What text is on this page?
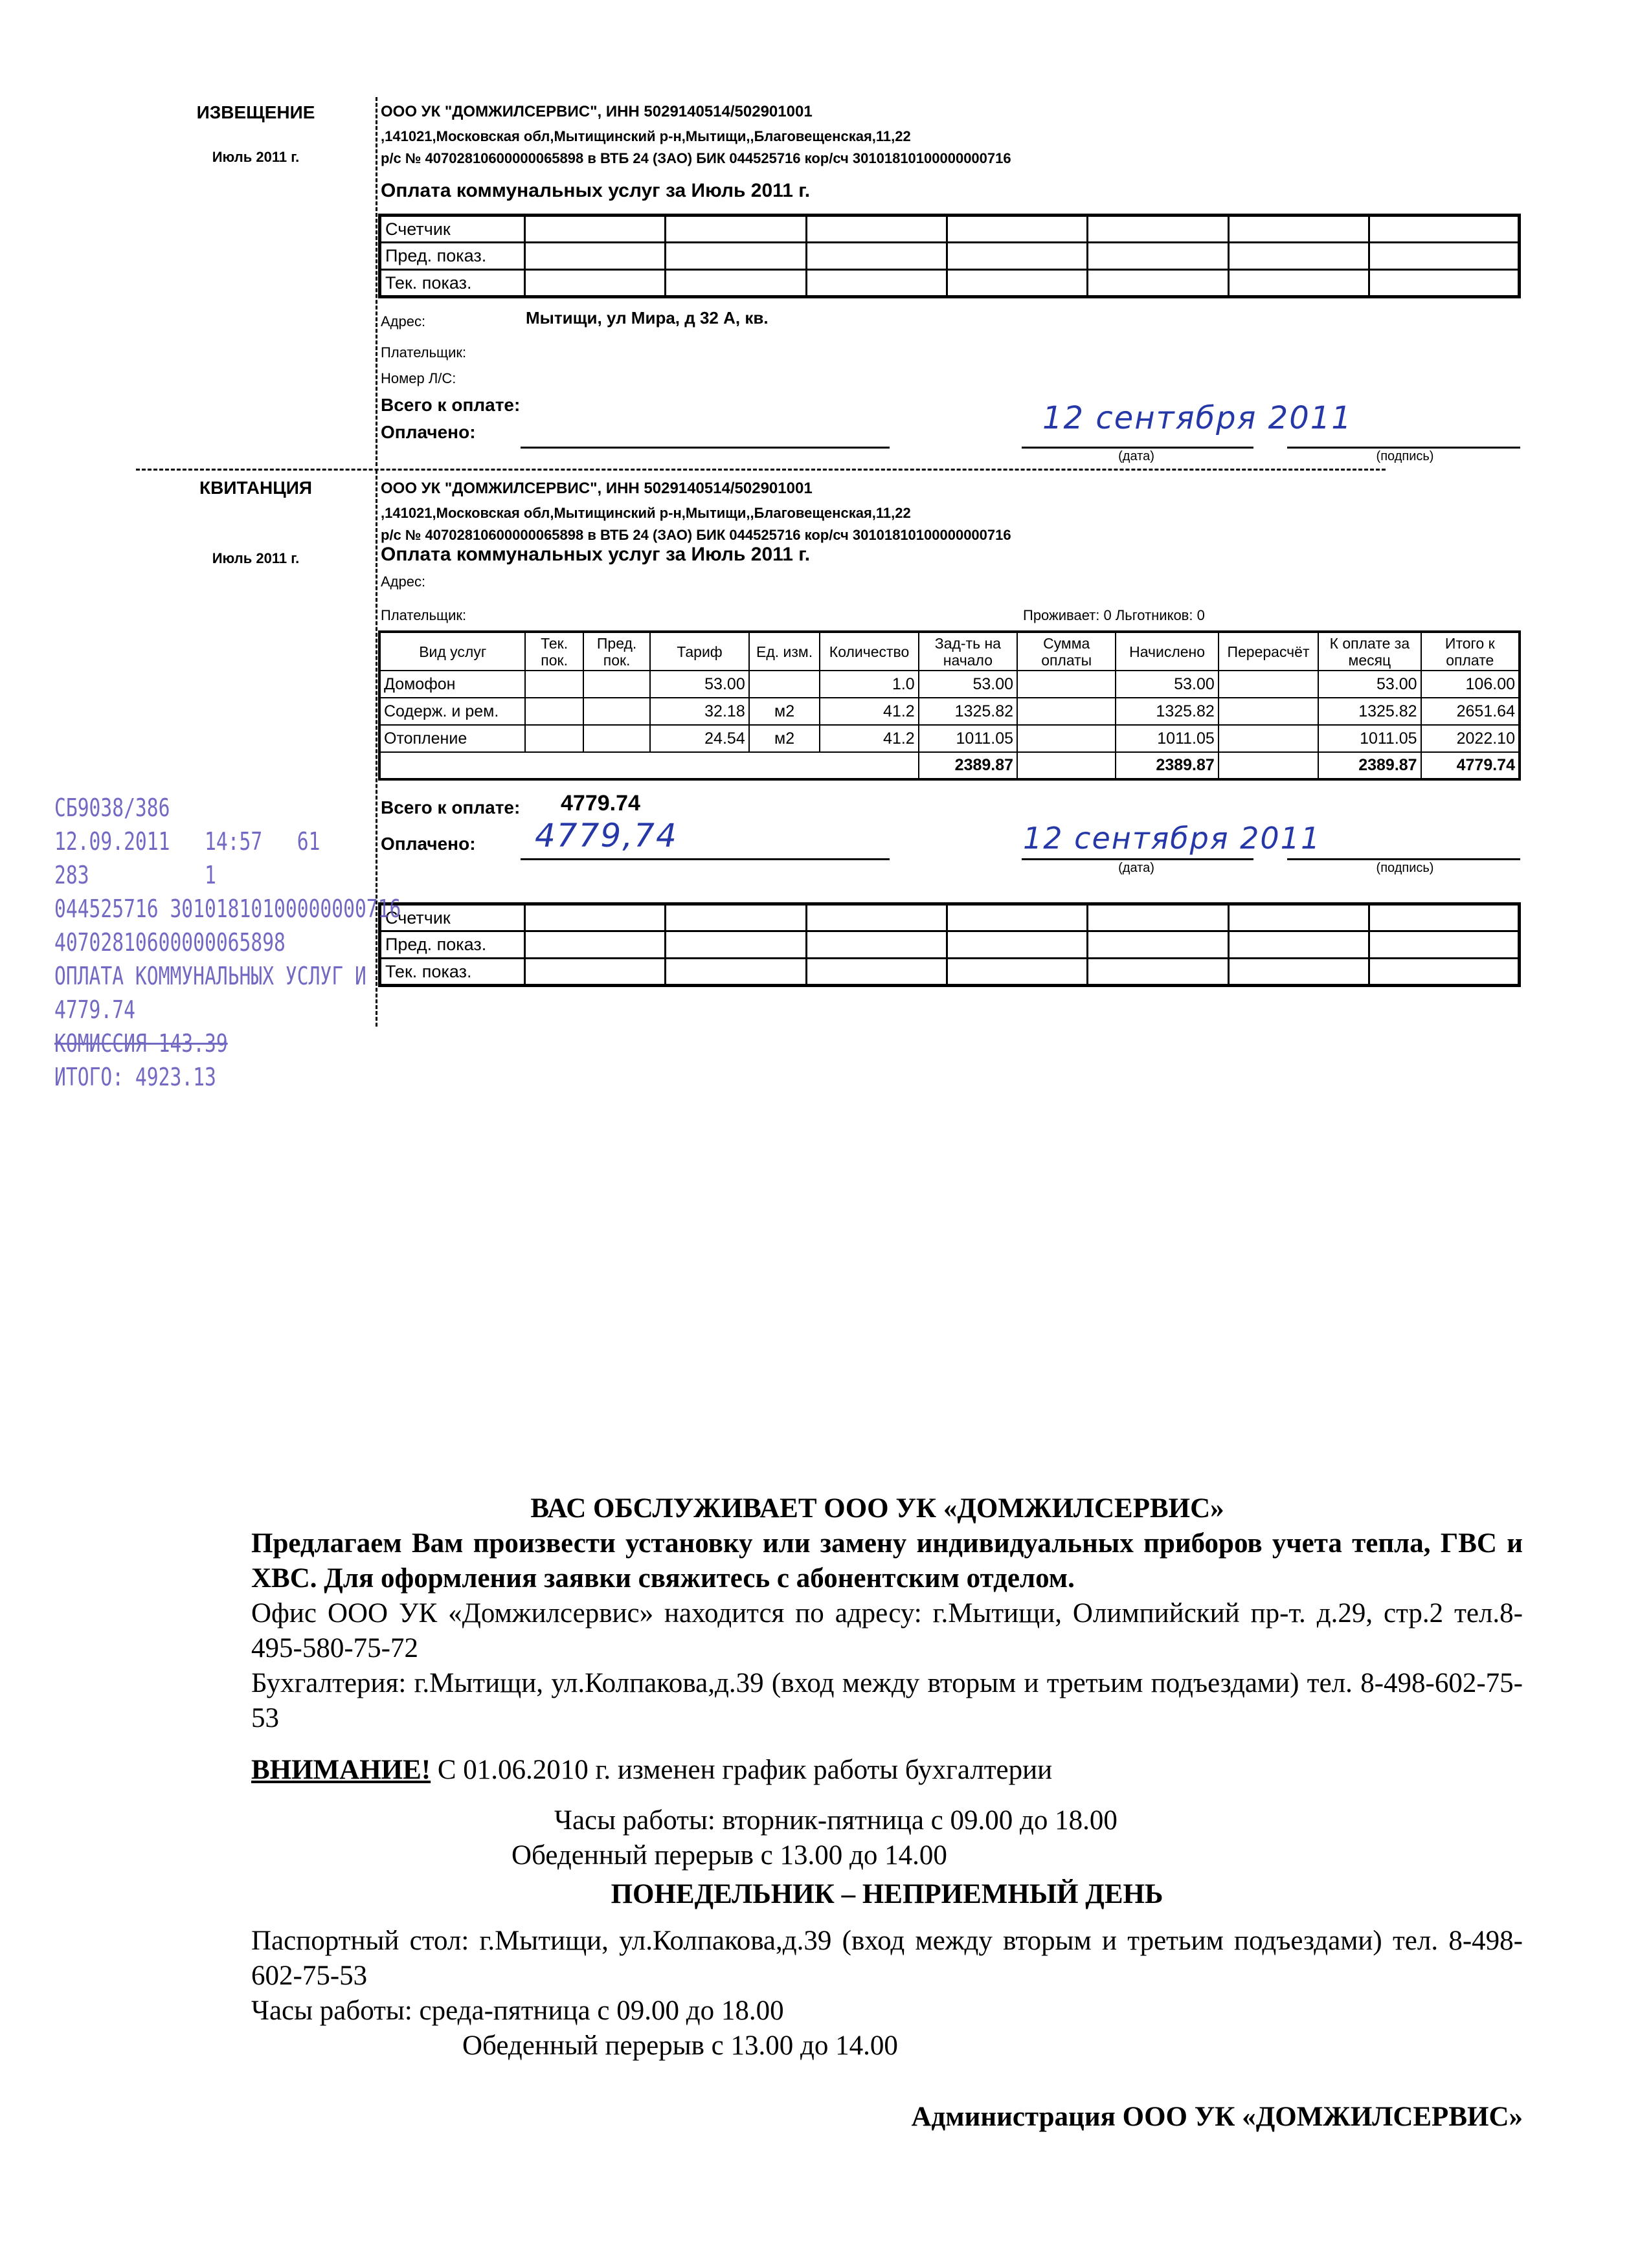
ИЗВЕЩЕНИЕ
Июль 2011 г.
ООО УК "ДОМЖИЛСЕРВИС", ИНН 5029140514/502901001
,141021,Московская обл,Мытищинский р-н,Мытищи,,Благовещенская,11,22
р/с № 40702810600000065898 в ВТБ 24 (ЗАО) БИК 044525716 кор/сч 30101810100000000716
Оплата коммунальных услуг за Июль 2011 г.
Счетчик							
Пред. показ.							
Тек. показ.							
Адрес:	Мытищи, ул Мира, д 32 А, кв.
Плательщик:
Номер Л/С:
Всего к оплате:
Оплачено:
(дата)	(подпись)
12 сентября 2011
КВИТАНЦИЯ
Июль 2011 г.
ООО УК "ДОМЖИЛСЕРВИС", ИНН 5029140514/502901001
,141021,Московская обл,Мытищинский р-н,Мытищи,,Благовещенская,11,22
р/с № 40702810600000065898 в ВТБ 24 (ЗАО) БИК 044525716 кор/сч 30101810100000000716
Оплата коммунальных услуг за Июль 2011 г.
Адрес:
Плательщик:	Проживает: 0 Льготников: 0
Вид услуг	Тек. пок.	Пред. пок.	Тариф	Ед. изм.	Количество	Зад-ть на начало	Сумма оплаты	Начислено	Перерасчёт	К оплате за месяц	Итого к оплате
Домофон			53.00		1.0	53.00		53.00		53.00	106.00
Содерж. и рем.			32.18	м2	41.2	1325.82		1325.82		1325.82	2651.64
Отопление			24.54	м2	41.2	1011.05		1011.05		1011.05	2022.10
						2389.87		2389.87		2389.87	4779.74
Всего к оплате: 4779.74
Оплачено: 4779,74
(дата)	(подпись)
12 сентября 2011
Счетчик							
Пред. показ.							
Тек. показ.							
СБ9038/386
12.09.2011   14:57   61
283          1
044525716 30101810100000000716
40702810600000065898
ОПЛАТА КОММУНАЛЬНЫХ УСЛУГ И
4779.74
КОМИССИЯ 143.39
ИТОГО: 4923.13
ВАС ОБСЛУЖИВАЕТ ООО УК «ДОМЖИЛСЕРВИС»
Предлагаем Вам произвести установку или замену индивидуальных приборов учета тепла, ГВС и ХВС. Для оформления заявки свяжитесь с абонентским отделом.
Офис ООО УК «Домжилсервис» находится по адресу: г.Мытищи, Олимпийский пр-т. д.29, стр.2 тел.8-495-580-75-72
Бухгалтерия: г.Мытищи, ул.Колпакова,д.39 (вход между вторым и третьим подъездами) тел. 8-498-602-75-53
ВНИМАНИЕ! С 01.06.2010 г. изменен график работы бухгалтерии
Часы работы: вторник-пятница с 09.00 до 18.00
Обеденный перерыв с 13.00 до 14.00
ПОНЕДЕЛЬНИК – НЕПРИЕМНЫЙ ДЕНЬ
Паспортный стол: г.Мытищи, ул.Колпакова,д.39 (вход между вторым и третьим подъездами) тел. 8-498-602-75-53
Часы работы: среда-пятница с 09.00 до 18.00
Обеденный перерыв с 13.00 до 14.00
Администрация ООО УК «ДОМЖИЛСЕРВИС»
